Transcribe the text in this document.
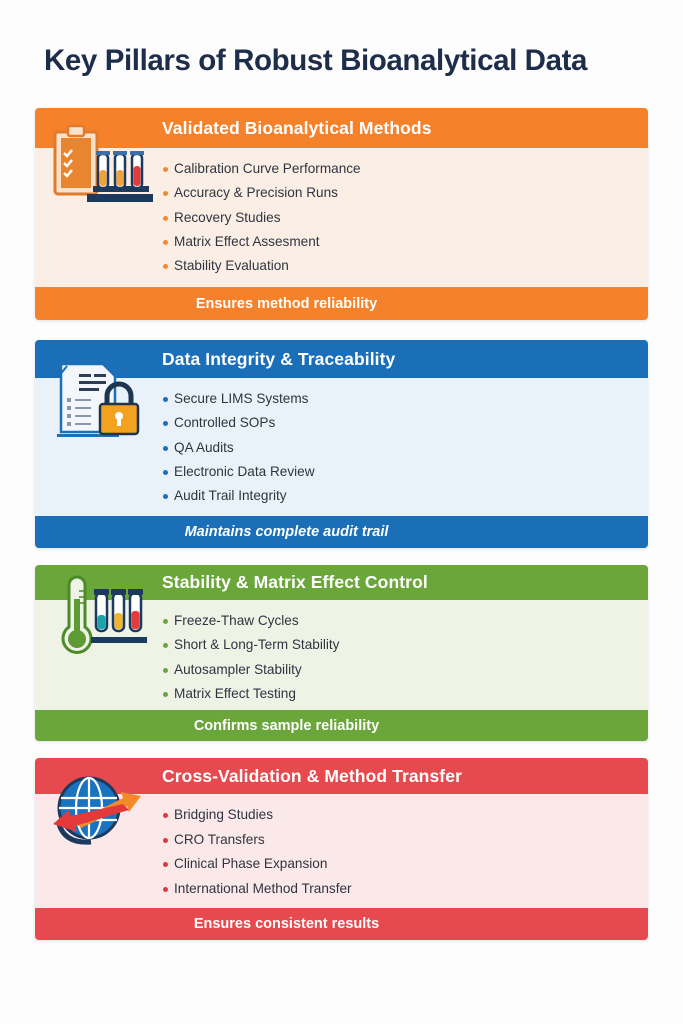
Key Pillars of Robust Bioanalytical Data
Validated Bioanalytical Methods
Calibration Curve Performance
Accuracy & Precision Runs
Recovery Studies
Matrix Effect Assesment
Stability Evaluation
Ensures method reliability
Data Integrity & Traceability
Secure LIMS Systems
Controlled SOPs
QA Audits
Electronic Data Review
Audit Trail Integrity
Maintains complete audit trail
Stability & Matrix Effect Control
Freeze-Thaw Cycles
Short & Long-Term Stability
Autosampler Stability
Matrix Effect Testing
Confirms sample reliability
Cross-Validation & Method Transfer
Bridging Studies
CRO Transfers
Clinical Phase Expansion
International Method Transfer
Ensures consistent results
